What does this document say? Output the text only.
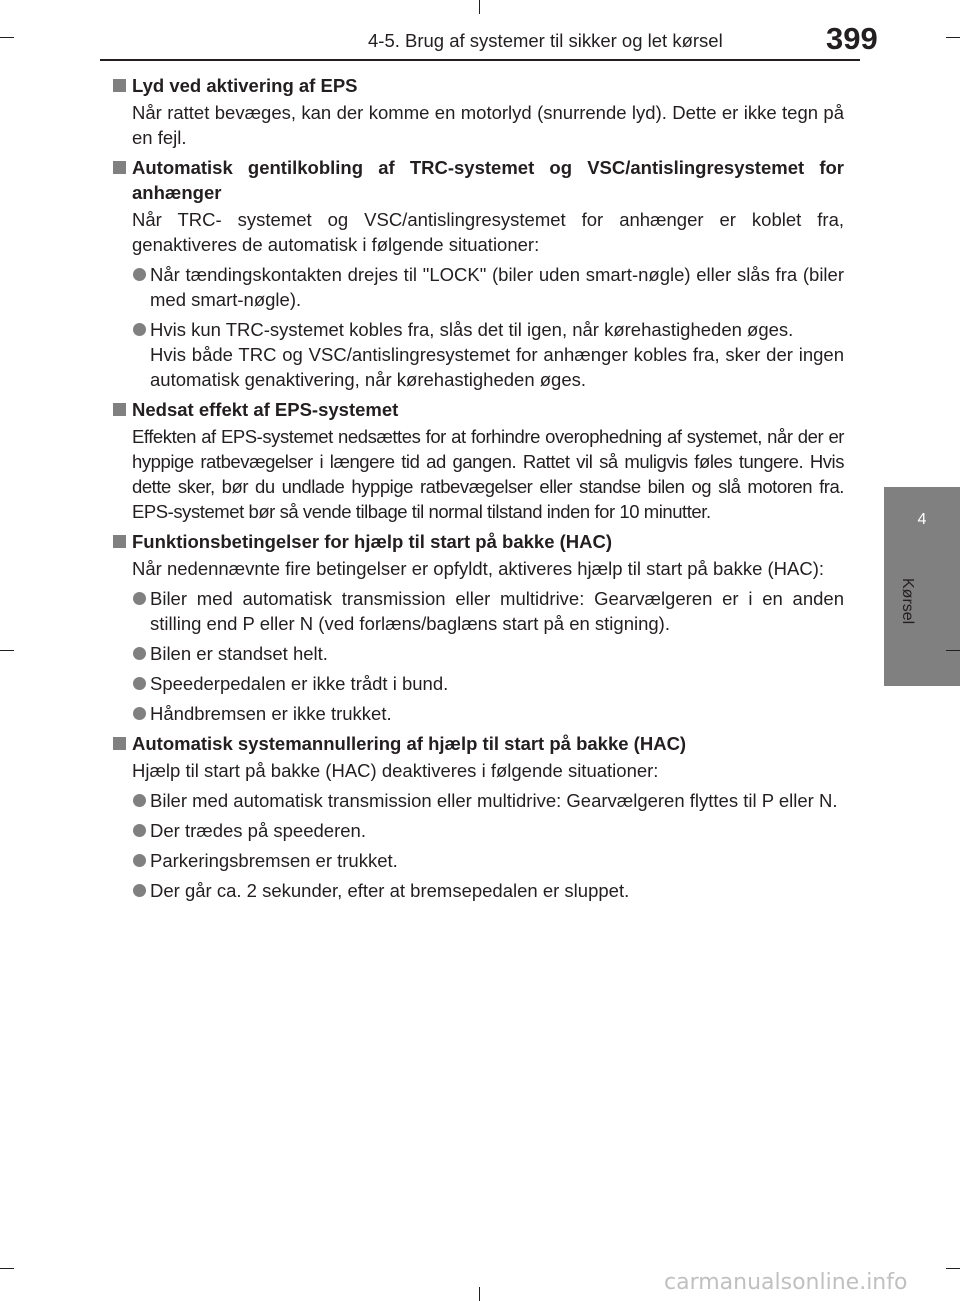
4-5. Brug af systemer til sikker og let kørsel	399
4
Kørsel
Lyd ved aktivering af EPS
Når rattet bevæges, kan der komme en motorlyd (snurrende lyd). Dette er ikke tegn på en fejl.
Automatisk gentilkobling af TRC-systemet og VSC/antislingresystemet for anhænger
Når TRC- systemet og VSC/antislingresystemet for anhænger er koblet fra, genaktiveres de automatisk i følgende situationer:
Når tændingskontakten drejes til "LOCK" (biler uden smart-nøgle) eller slås fra (biler med smart-nøgle).
Hvis kun TRC-systemet kobles fra, slås det til igen, når kørehastigheden øges.
Hvis både TRC og VSC/antislingresystemet for anhænger kobles fra, sker der ingen automatisk genaktivering, når kørehastigheden øges.
Nedsat effekt af EPS-systemet
Effekten af EPS-systemet nedsættes for at forhindre overophedning af systemet, når der er hyppige ratbevægelser i længere tid ad gangen. Rattet vil så muligvis føles tungere. Hvis dette sker, bør du undlade hyppige ratbevægelser eller standse bilen og slå motoren fra. EPS-systemet bør så vende tilbage til normal tilstand inden for 10 minutter.
Funktionsbetingelser for hjælp til start på bakke (HAC)
Når nedennævnte fire betingelser er opfyldt, aktiveres hjælp til start på bakke (HAC):
Biler med automatisk transmission eller multidrive: Gearvælgeren er i en anden stilling end P eller N (ved forlæns/baglæns start på en stigning).
Bilen er standset helt.
Speederpedalen er ikke trådt i bund.
Håndbremsen er ikke trukket.
Automatisk systemannullering af hjælp til start på bakke (HAC)
Hjælp til start på bakke (HAC) deaktiveres i følgende situationer:
Biler med automatisk transmission eller multidrive: Gearvælgeren flyttes til P eller N.
Der trædes på speederen.
Parkeringsbremsen er trukket.
Der går ca. 2 sekunder, efter at bremsepedalen er sluppet.
carmanualsonline.info
